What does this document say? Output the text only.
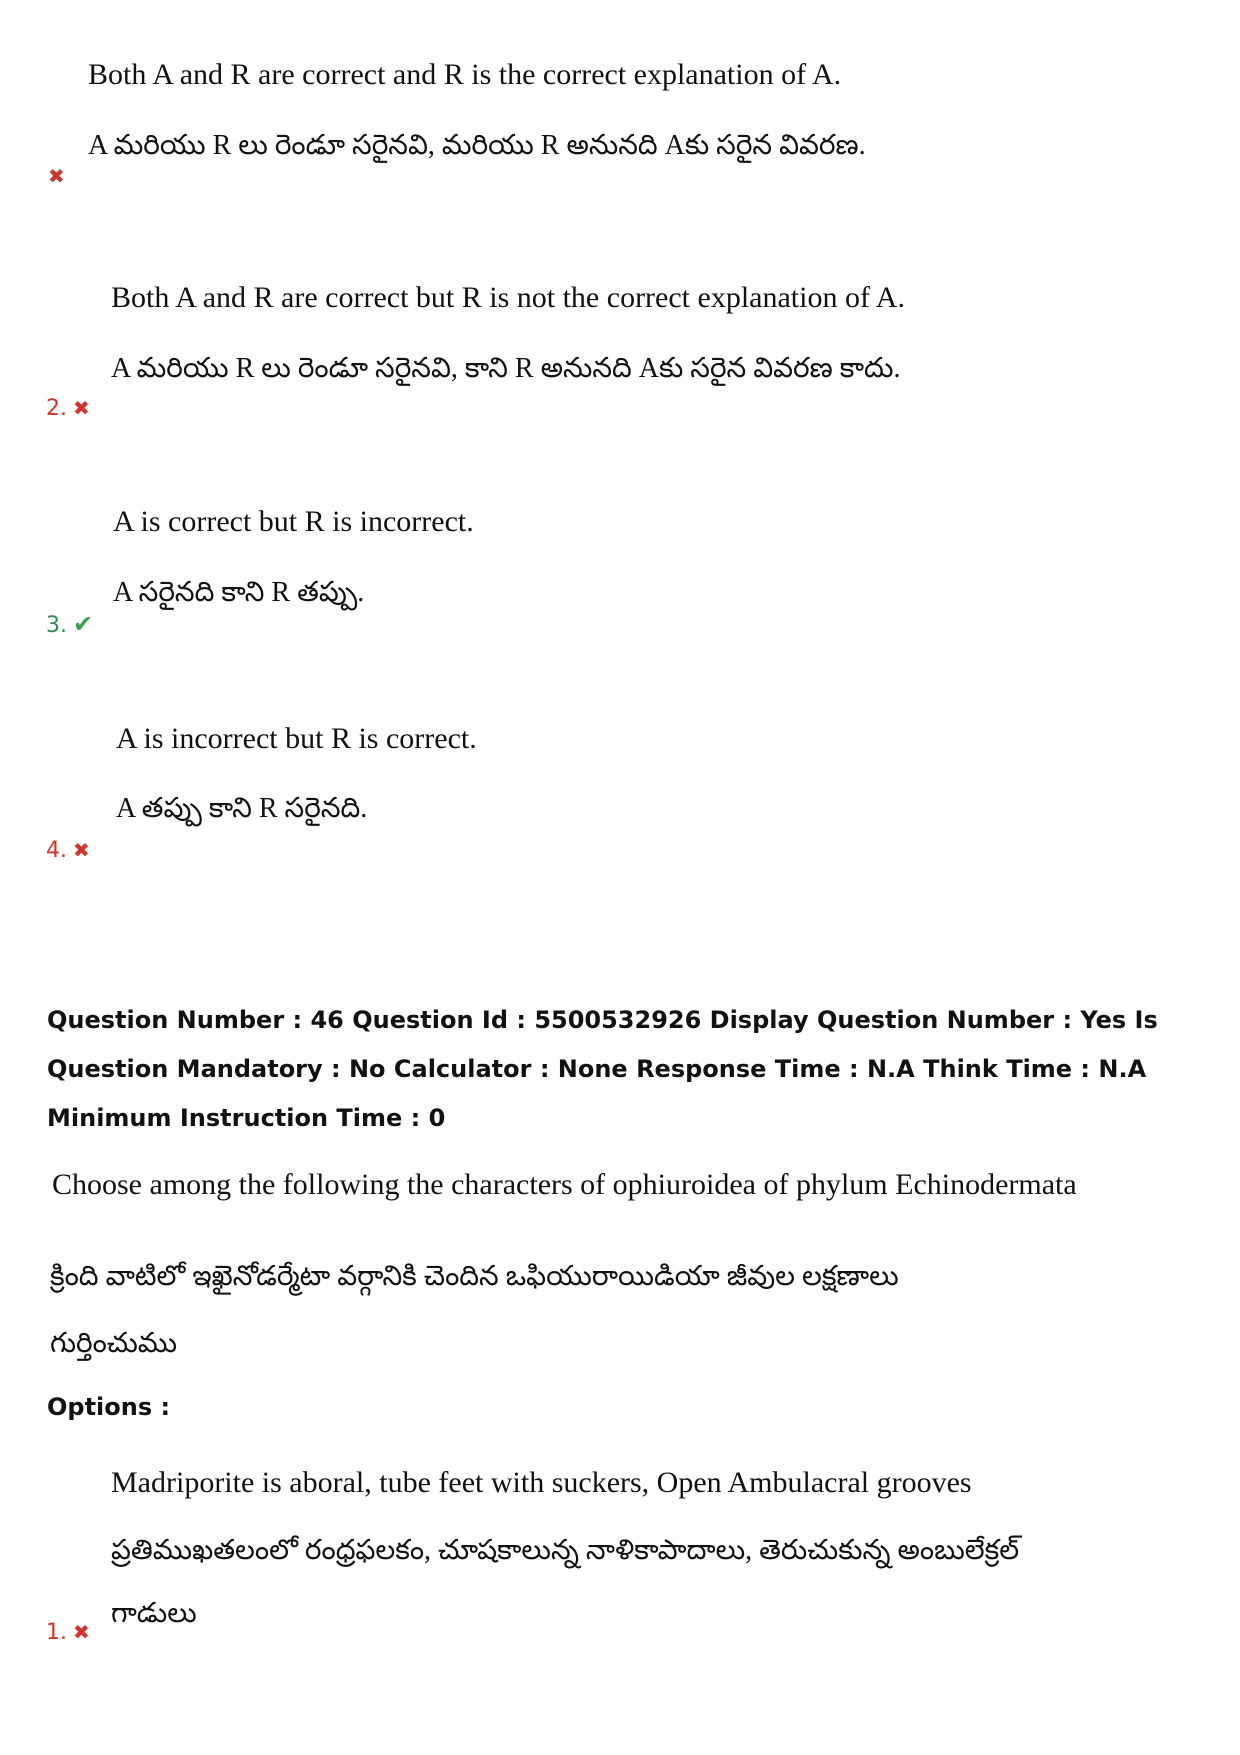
Both A and R are correct and R is the correct explanation of A.
A మరియు R లు రెండూ సరైనవి, మరియు R అనునది Aకు సరైన వివరణ.
✖
Both A and R are correct but R is not the correct explanation of A.
A మరియు R లు రెండూ సరైనవి, కాని R అనునది Aకు సరైన వివరణ కాదు.
2. ✖
A is correct but R is incorrect.
A సరైనది కాని R తప్పు.
3. ✔
A is incorrect but R is correct.
A తప్పు కాని R సరైనది.
4. ✖
Question Number : 46 Question Id : 5500532926 Display Question Number : Yes Is Question Mandatory : No Calculator : None Response Time : N.A Think Time : N.A Minimum Instruction Time : 0
Choose among the following the characters of ophiuroidea of phylum Echinodermata
క్రింది వాటిలో ఇఖైనోడర్మేటా వర్గానికి చెందిన ఒఫియురాయిడియా జీవుల లక్షణాలు
గుర్తించుము
Options :
Madriporite is aboral, tube feet with suckers, Open Ambulacral grooves
ప్రతిముఖతలంలో రంధ్రఫలకం, చూషకాలున్న నాళికాపాదాలు, తెరుచుకున్న అంబులేక్రల్
గాడులు
1. ✖
